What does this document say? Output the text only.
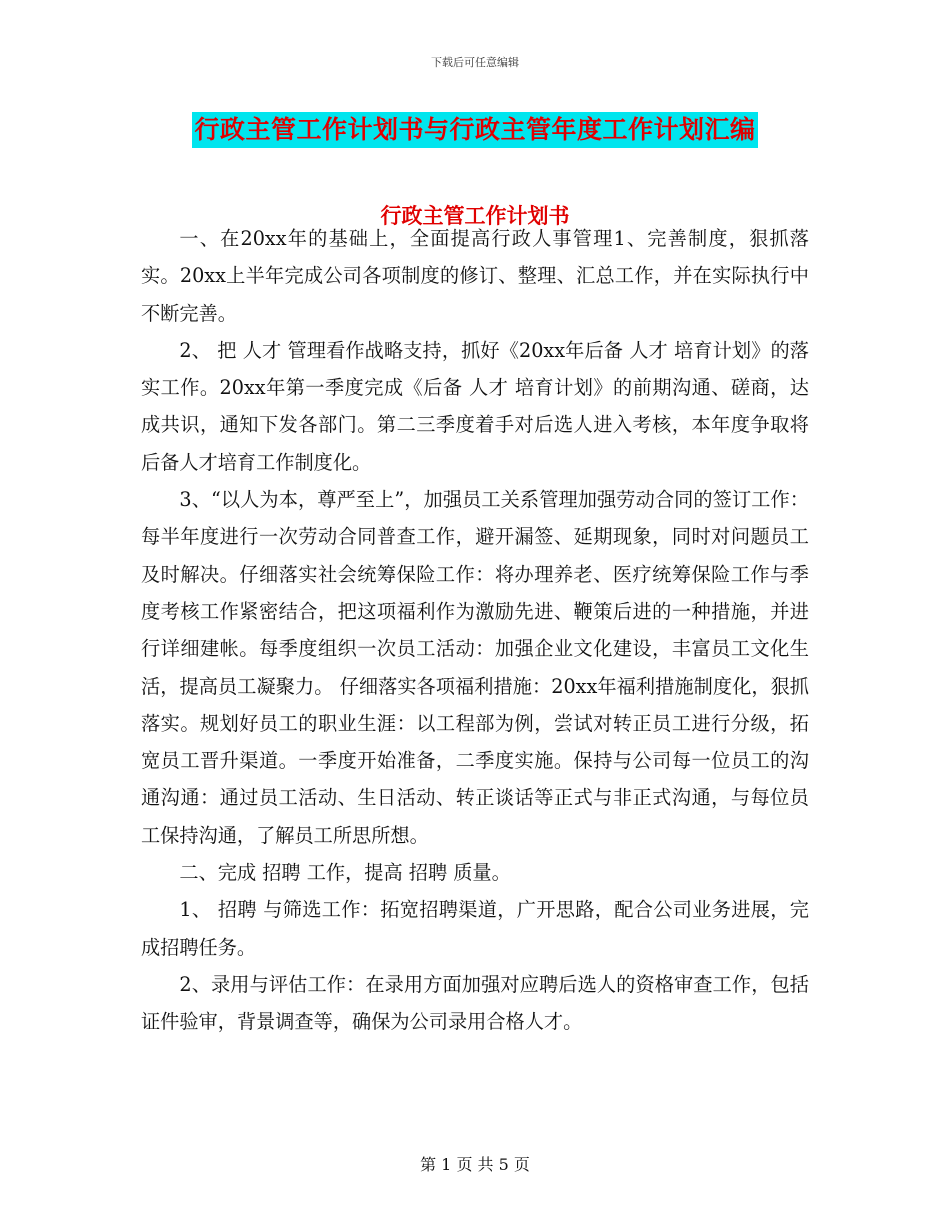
下载后可任意编辑
行政主管工作计划书与行政主管年度工作计划汇编
行政主管工作计划书

一、在20xx年的基础上，全面提高行政人事管理1、完善制度，狠抓落实。20xx上半年完成公司各项制度的修订、整理、汇总工作，并在实际执行中不断完善。

2、 把 人才 管理看作战略支持，抓好《20xx年后备 人才 培育计划》的落实工作。20xx年第一季度完成《后备 人才 培育计划》的前期沟通、磋商，达成共识，通知下发各部门。第二三季度着手对后选人进入考核，本年度争取将后备人才培育工作制度化。

3、“以人为本，尊严至上”，加强员工关系管理加强劳动合同的签订工作：每半年度进行一次劳动合同普查工作，避开漏签、延期现象，同时对问题员工及时解决。仔细落实社会统筹保险工作：将办理养老、医疗统筹保险工作与季度考核工作紧密结合，把这项福利作为激励先进、鞭策后进的一种措施，并进行详细建帐。每季度组织一次员工活动：加强企业文化建设，丰富员工文化生活，提高员工凝聚力。 仔细落实各项福利措施：20xx年福利措施制度化，狠抓落实。规划好员工的职业生涯：以工程部为例，尝试对转正员工进行分级，拓宽员工晋升渠道。一季度开始准备，二季度实施。保持与公司每一位员工的沟通沟通：通过员工活动、生日活动、转正谈话等正式与非正式沟通，与每位员工保持沟通，了解员工所思所想。

二、完成 招聘 工作，提高 招聘 质量。

1、 招聘 与筛选工作：拓宽招聘渠道，广开思路，配合公司业务进展，完成招聘任务。

2、录用与评估工作：在录用方面加强对应聘后选人的资格审查工作，包括证件验审，背景调查等，确保为公司录用合格人才。

第 1 页 共 5 页
